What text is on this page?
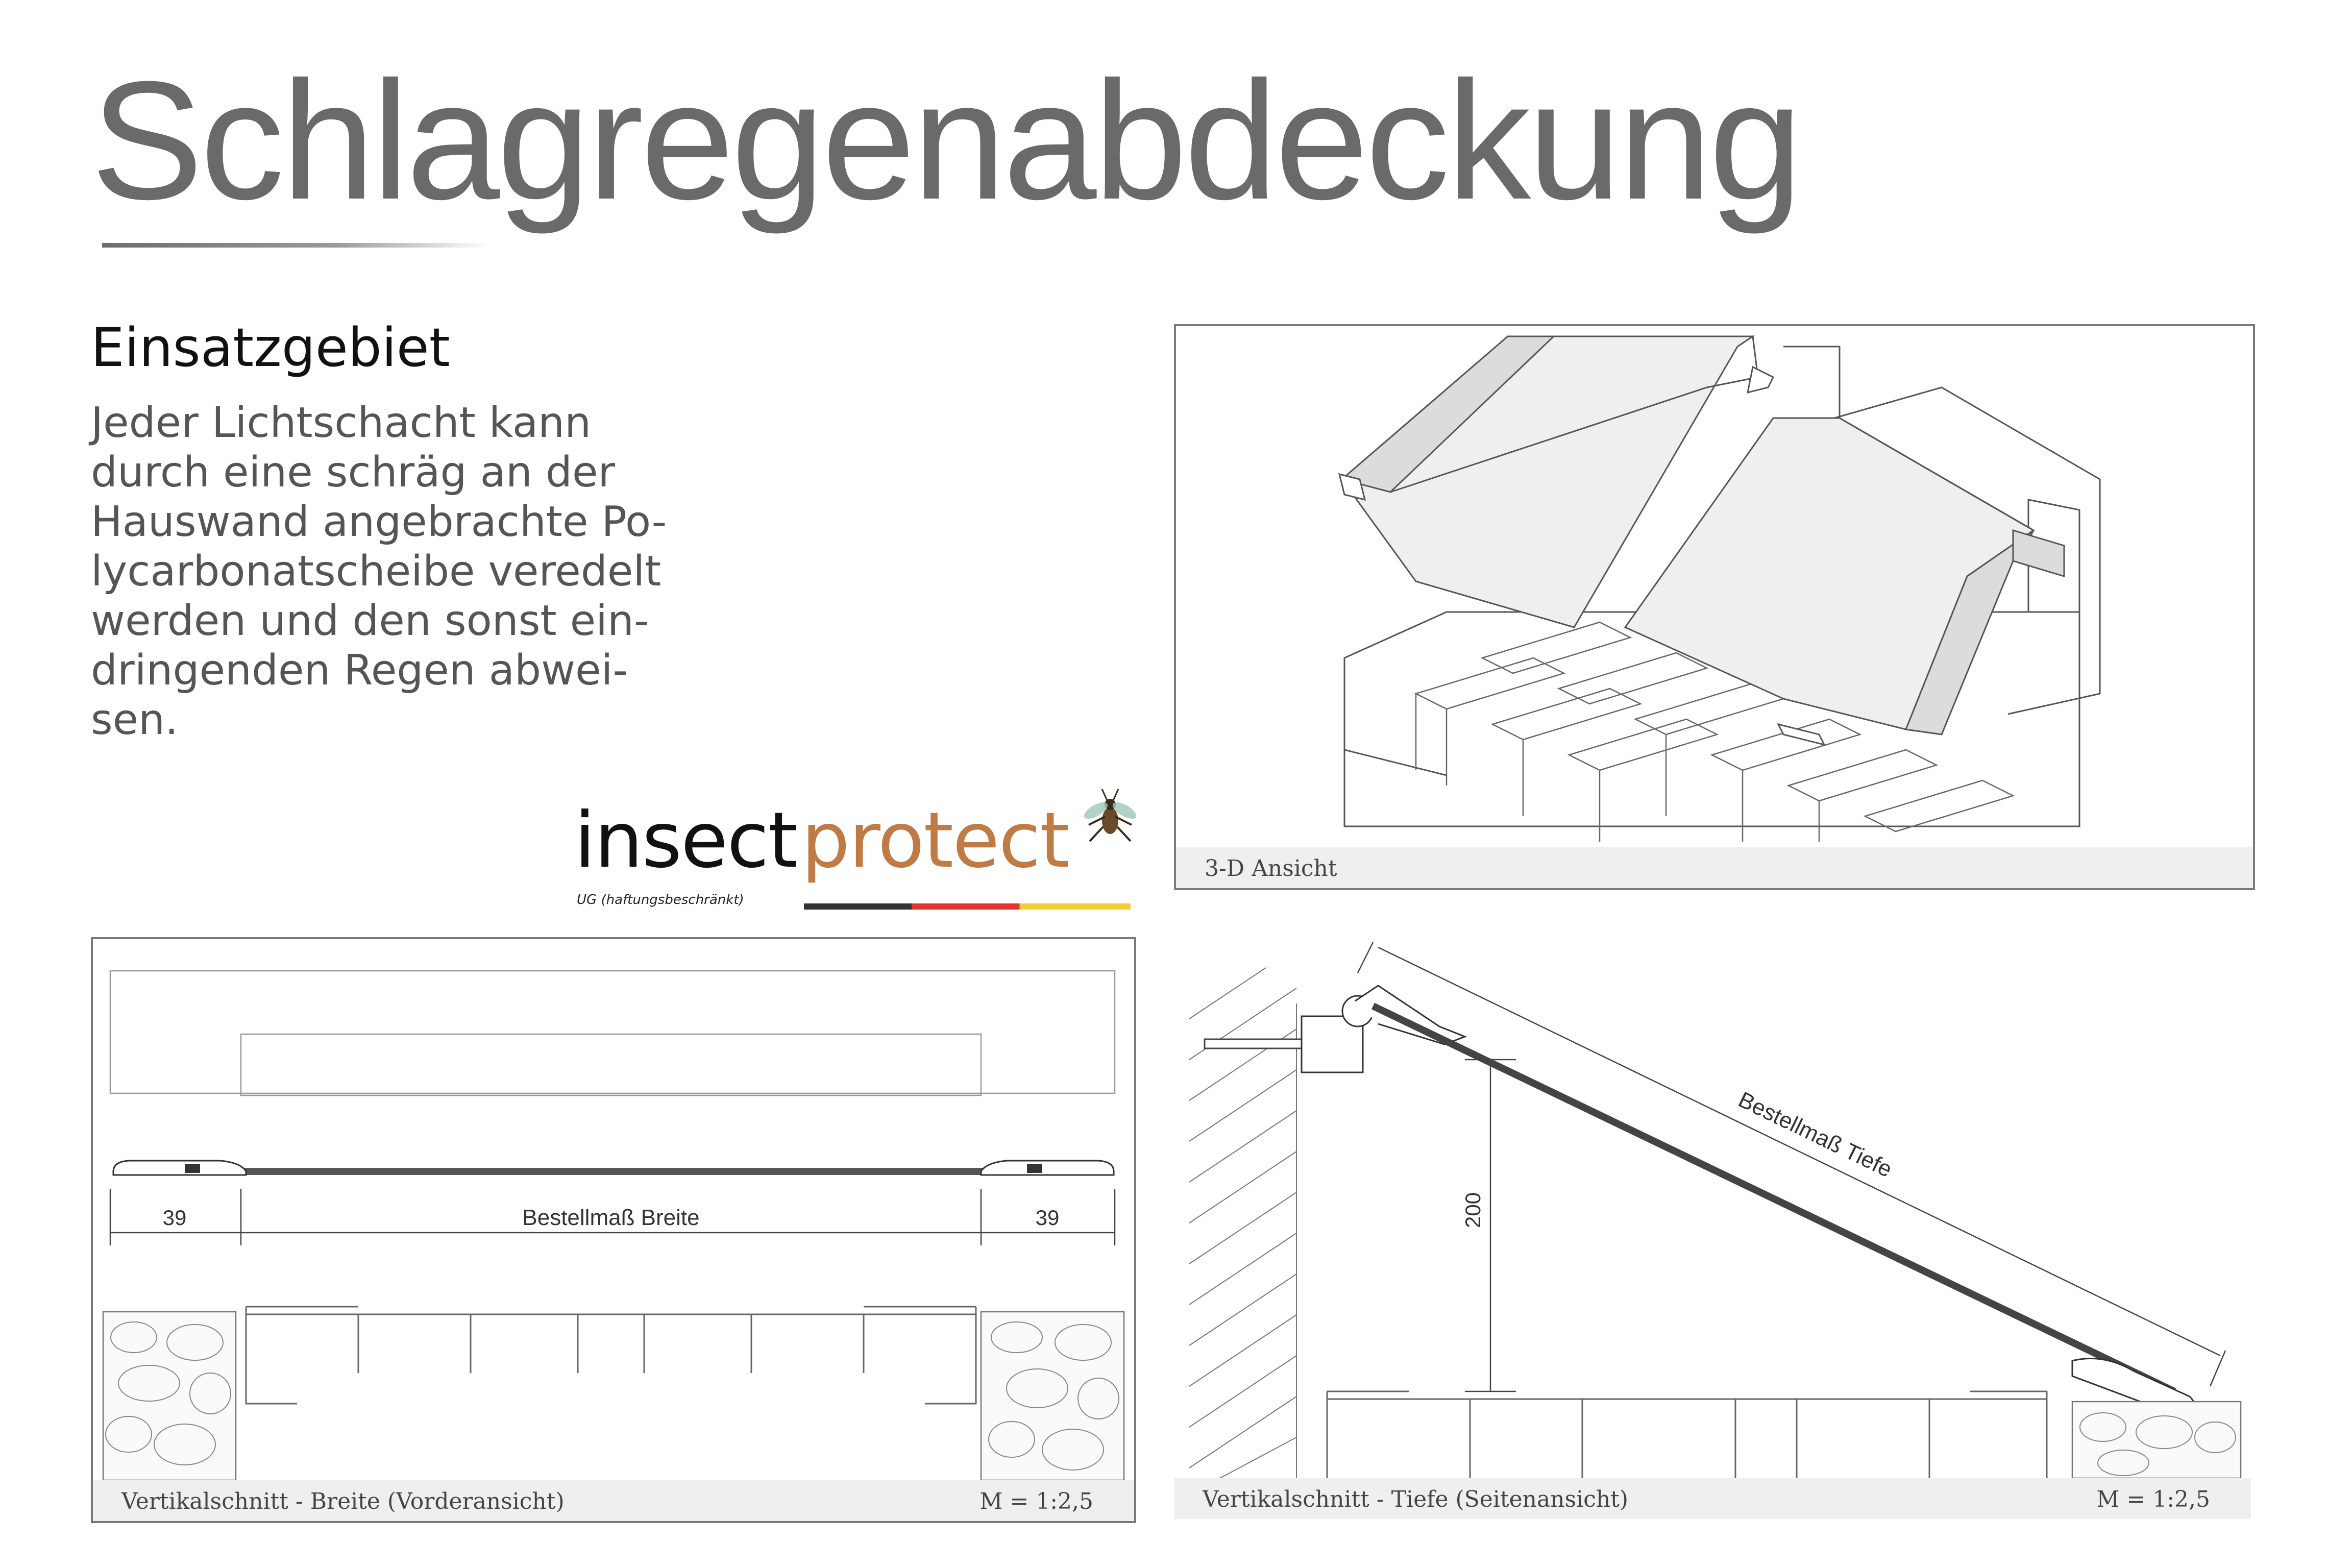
Schlagregenabdeckung
Einsatzgebiet
Jeder Lichtschacht kann
durch eine schräg an der
Hauswand angebrachte Po-
lycarbonatscheibe veredelt
werden und den sonst ein-
dringenden Regen abwei-
sen.
insect protect
UG (haftungsbeschränkt)
3-D Ansicht
39	Bestellmaß Breite	39
Vertikalschnitt - Breite (Vorderansicht)	M = 1:2,5
Bestellmaß Tiefe
200
Vertikalschnitt - Tiefe (Seitenansicht)	M = 1:2,5
